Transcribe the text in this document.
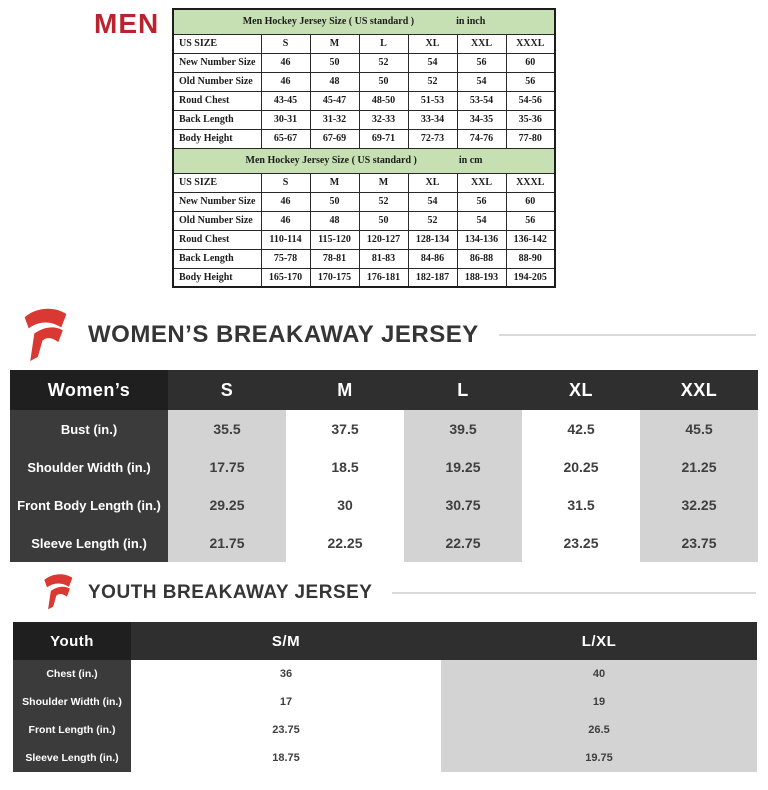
MEN	Men Hockey Jersey Size ( US standard ) in inch						

US SIZE	S	M	L	XL	XXL	XXXL
New Number Size	46	50	52	54	56	60
Old Number Size	46	48	50	52	54	56
Roud Chest	43-45	45-47	48-50	51-53	53-54	54-56
Back Length	30-31	31-32	32-33	33-34	34-35	35-36
Body Height	65-67	67-69	69-71	72-73	74-76	77-80

Men Hockey Jersey Size ( US standard ) in cm						

US SIZE	S	M	M	XL	XXL	XXXL
New Number Size	46	50	52	54	56	60
Old Number Size	46	48	50	52	54	56
Roud Chest	110-114	115-120	120-127	128-134	134-136	136-142
Back Length	75-78	78-81	81-83	84-86	86-88	88-90
Body Height	165-170	170-175	176-181	182-187	188-193	194-205
WOMEN’S BREAKAWAY JERSEY
Women’s	S	M	L	XL	XXL
Bust (in.)	35.5	37.5	39.5	42.5	45.5
Shoulder Width (in.)	17.75	18.5	19.25	20.25	21.25
Front Body Length (in.)	29.25	30	30.75	31.5	32.25
Sleeve Length (in.)	21.75	22.25	22.75	23.25	23.75
YOUTH BREAKAWAY JERSEY
Youth	S/M	L/XL
Chest (in.)	36	40
Shoulder Width (in.)	17	19
Front Length (in.)	23.75	26.5
Sleeve Length (in.)	18.75	19.75
